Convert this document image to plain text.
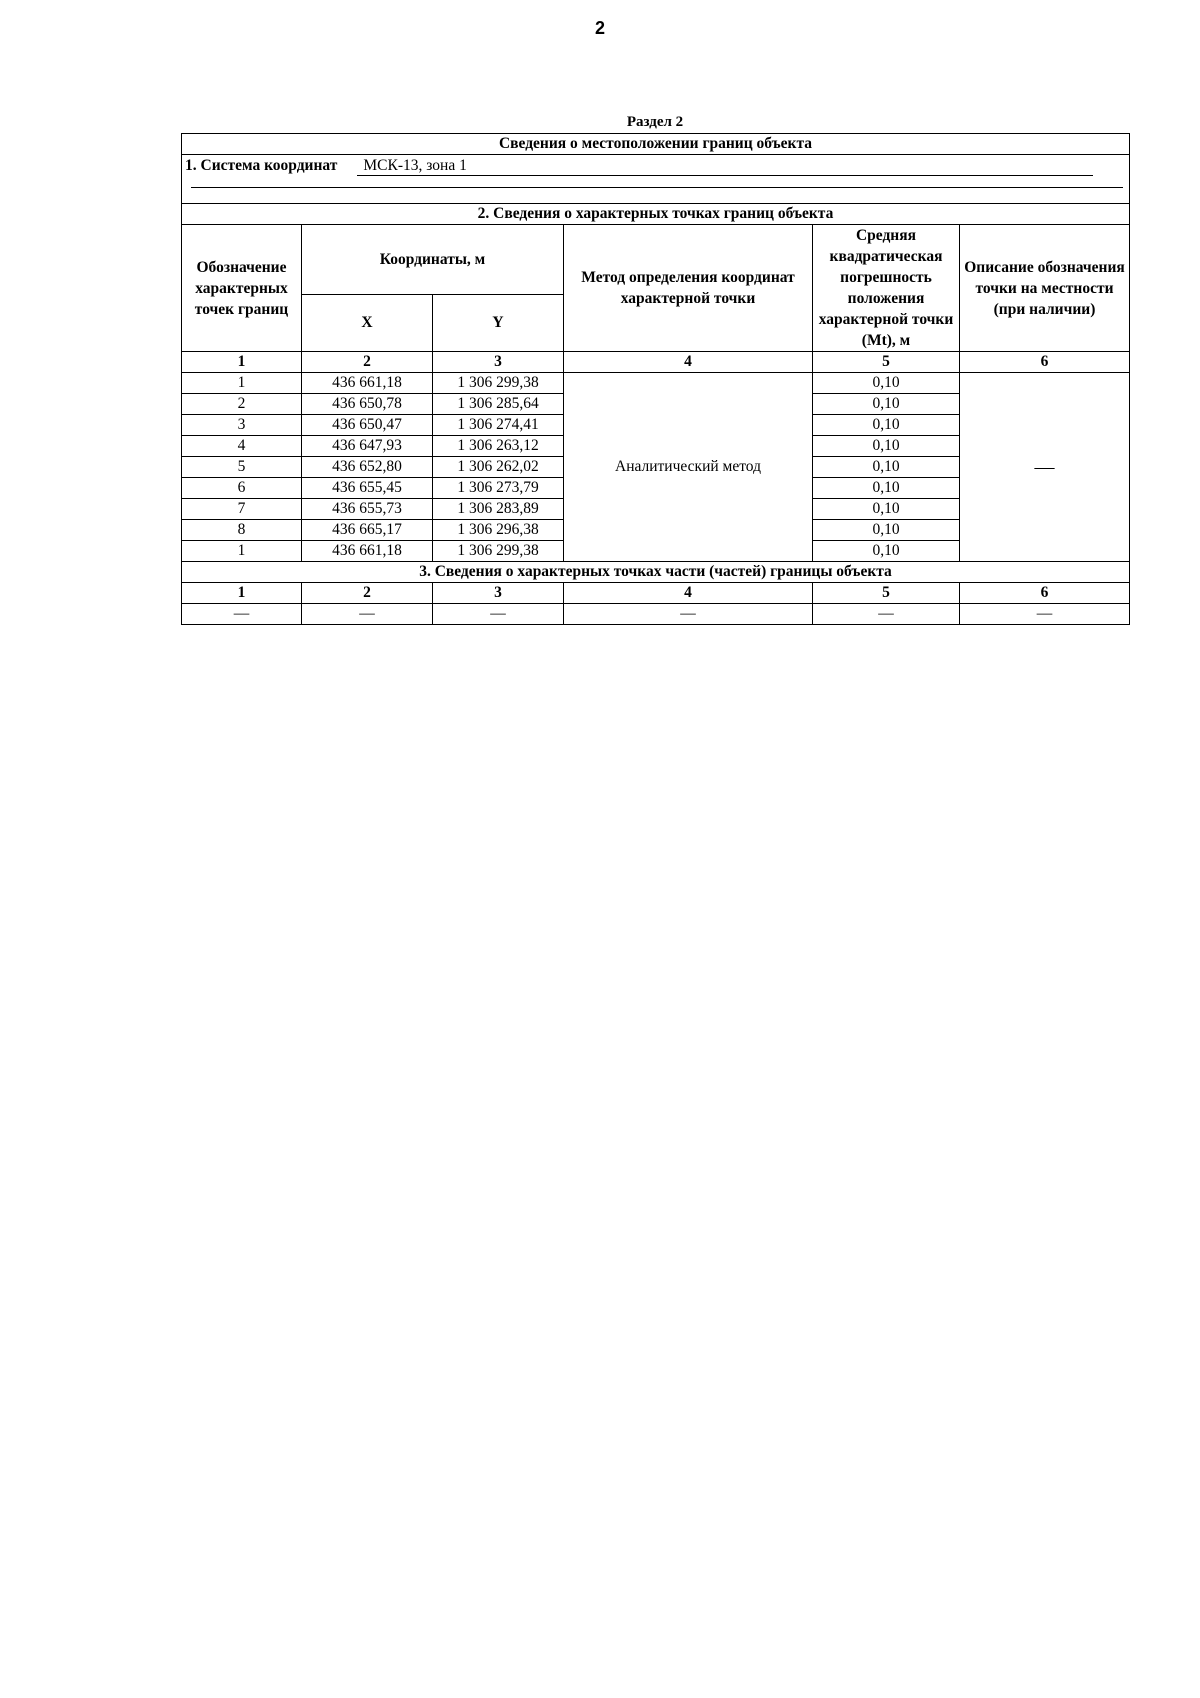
2
Раздел 2
Сведения о местоположении границ объекта					
1. Система координат МСК-13, зона 1					

2. Сведения о характерных точках границ объекта					
Обозначение характерных точек границ	Координаты, м		Метод определения координат характерной точки	Средняя квадратическая погрешность положения характерной точки (Mt), м	Описание обозначения точки на местности (при наличии)
	X	Y			
1	2	3	4	5	6
1	436 661,18	1 306 299,38	Аналитический метод	0,10	—
2	436 650,78	1 306 285,64		0,10	
3	436 650,47	1 306 274,41		0,10	
4	436 647,93	1 306 263,12		0,10	
5	436 652,80	1 306 262,02		0,10	
6	436 655,45	1 306 273,79		0,10	
7	436 655,73	1 306 283,89		0,10	
8	436 665,17	1 306 296,38		0,10	
1	436 661,18	1 306 299,38		0,10	
3. Сведения о характерных точках части (частей) границы объекта					
1	2	3	4	5	6
—	—	—	—	—	—
